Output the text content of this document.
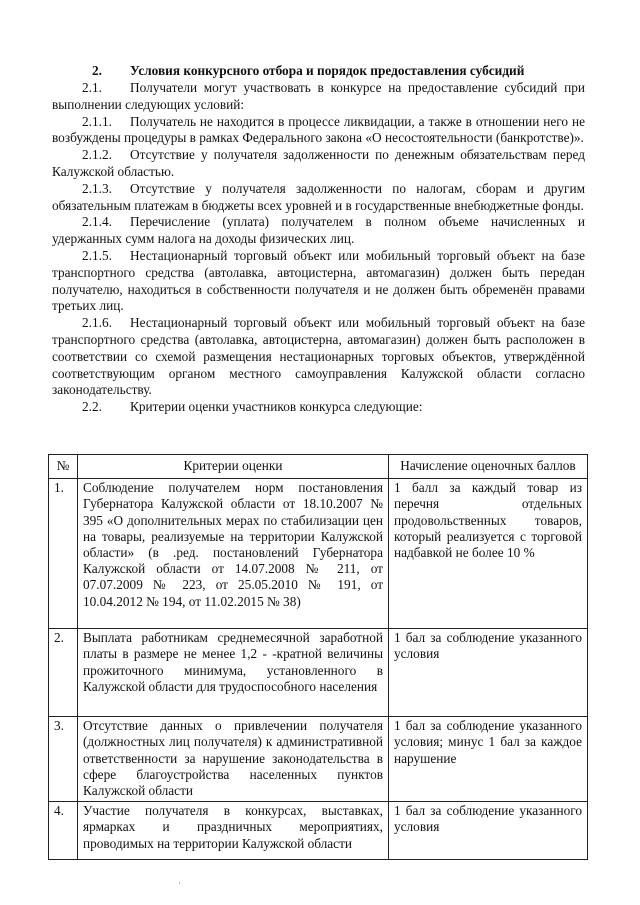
2. Условия конкурсного отбора и порядок предоставления субсидий

2.1. Получатели могут участвовать в конкурсе на предоставление субсидий при выполнении следующих условий:

2.1.1. Получатель не находится в процессе ликвидации, а также в отношении него не возбуждены процедуры в рамках Федерального закона «О несостоятельности (банкротстве)».

2.1.2. Отсутствие у получателя задолженности по денежным обязательствам перед Калужской областью.

2.1.3. Отсутствие у получателя задолженности по налогам, сборам и другим обязательным платежам в бюджеты всех уровней и в государственные внебюджетные фонды.

2.1.4. Перечисление (уплата) получателем в полном объеме начисленных и удержанных сумм налога на доходы физических лиц.

2.1.5. Нестационарный торговый объект или мобильный торговый объект на базе транспортного средства (автолавка, автоцистерна, автомагазин) должен быть передан получателю, находиться в собственности получателя и не должен быть обременён правами третьих лиц.

2.1.6. Нестационарный торговый объект или мобильный торговый объект на базе транспортного средства (автолавка, автоцистерна, автомагазин) должен быть расположен в соответствии со схемой размещения нестационарных торговых объектов, утверждённой соответствующим органом местного самоуправления Калужской области согласно законодательству.

2.2. Критерии оценки участников конкурса следующие:

№	Критерии оценки	Начисление оценочных баллов
1.	Соблюдение получателем норм постановления Губернатора Калужской области от 18.10.2007 № 395 «О дополнительных мерах по стабилизации цен на товары, реализуемые на территории Калужской области» (в .ред. постановлений Губернатора Калужской области от 14.07.2008 № 211, от 07.07.2009 № 223, от 25.05.2010 № 191, от 10.04.2012 № 194, от 11.02.2015 № 38)	1 балл за каждый товар из перечня отдельных продовольственных товаров, который реализуется с торговой надбавкой не более 10 %
2.	Выплата работникам среднемесячной заработной платы в размере не менее 1,2 - -кратной величины прожиточного минимума, установленного в Калужской области для трудоспособного населения	1 бал за соблюдение указанного условия
3.	Отсутствие данных о привлечении получателя (должностных лиц получателя) к административной ответственности за нарушение законодательства в сфере благоустройства населенных пунктов Калужской области	1 бал за соблюдение указанного условия; минус 1 бал за каждое нарушение
4.	Участие получателя в конкурсах, выставках, ярмарках и праздничных мероприятиях, проводимых на территории Калужской области	1 бал за соблюдение указанного условия
·
